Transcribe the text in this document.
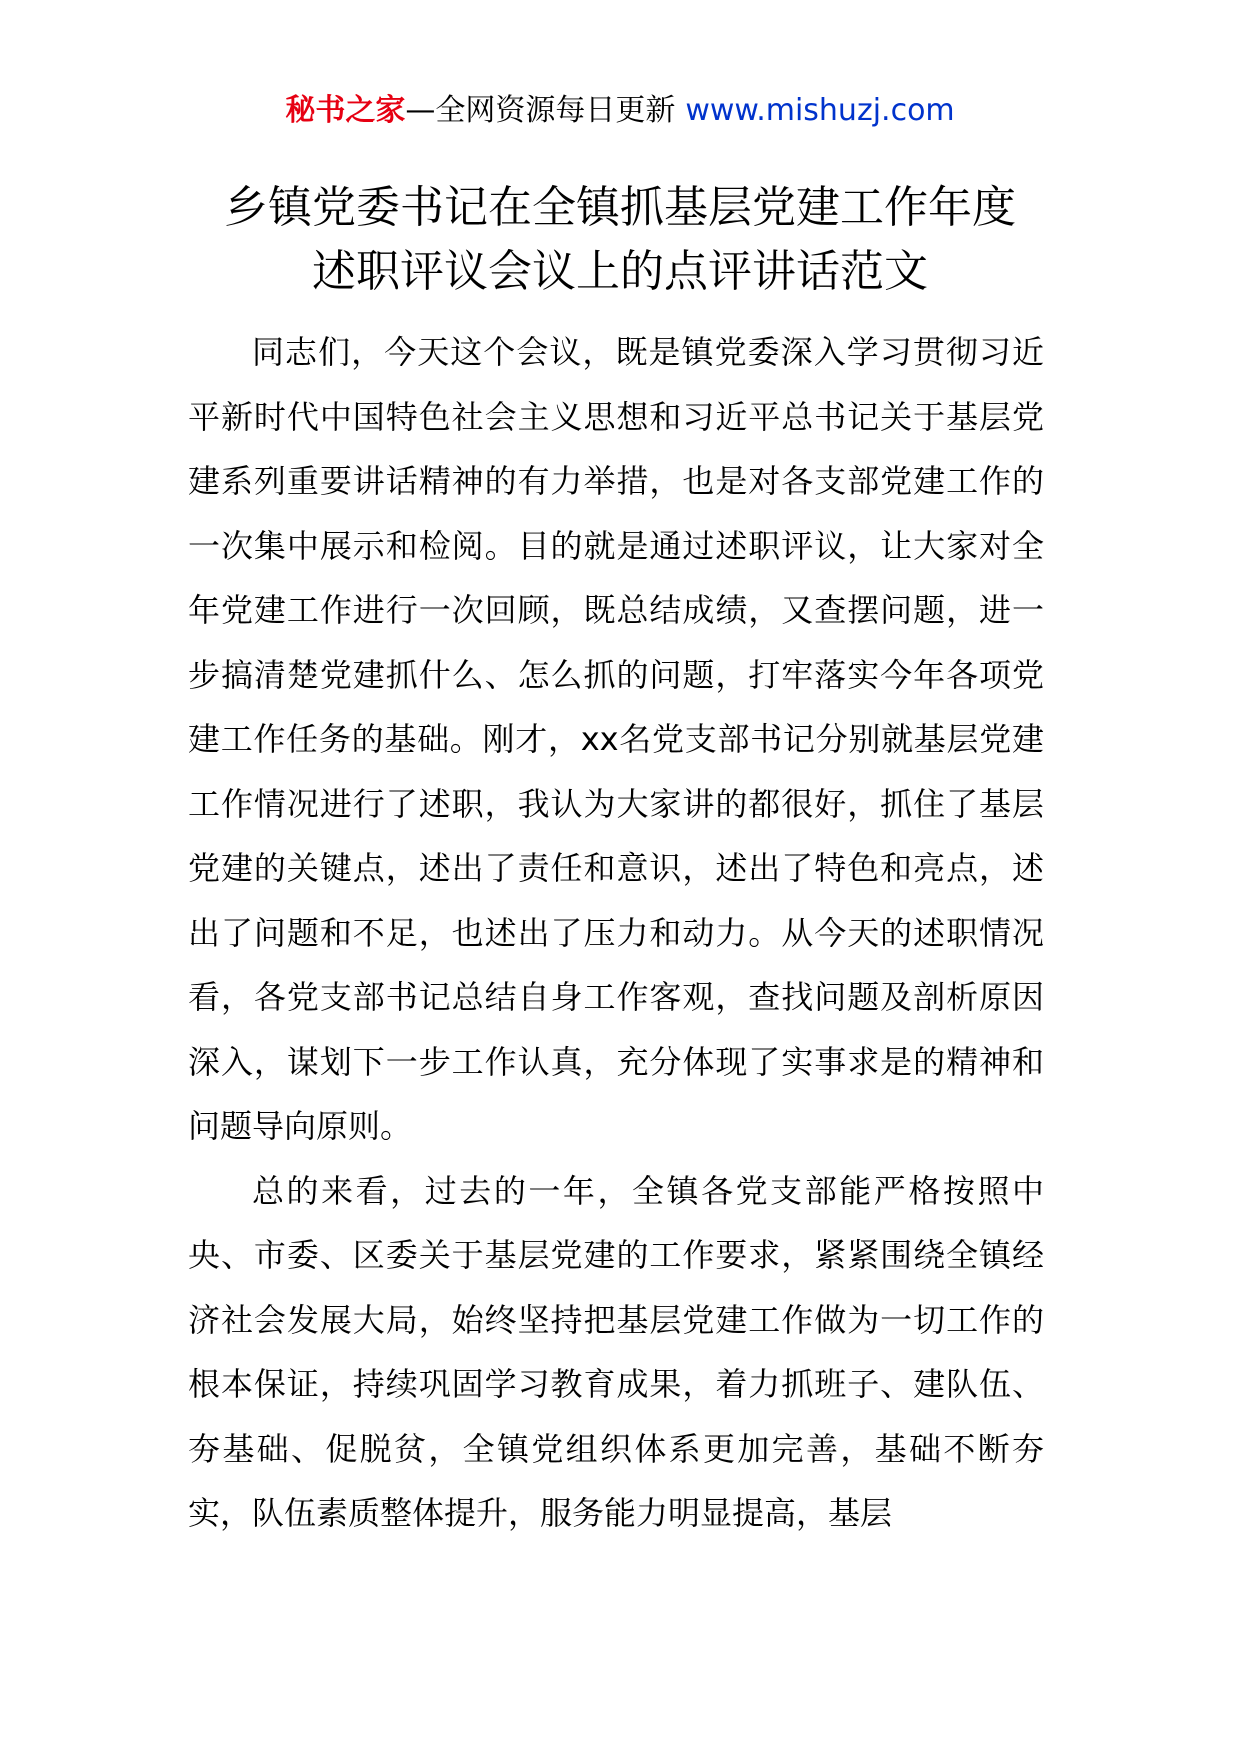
秘书之家—全网资源每日更新 www.mishuzj.com
乡镇党委书记在全镇抓基层党建工作年度
述职评议会议上的点评讲话范文

同志们，今天这个会议，既是镇党委深入学习贯彻习近平新时代中国特色社会主义思想和习近平总书记关于基层党建系列重要讲话精神的有力举措，也是对各支部党建工作的一次集中展示和检阅。目的就是通过述职评议，让大家对全年党建工作进行一次回顾，既总结成绩，又查摆问题，进一步搞清楚党建抓什么、怎么抓的问题，打牢落实今年各项党建工作任务的基础。刚才，xx名党支部书记分别就基层党建工作情况进行了述职，我认为大家讲的都很好，抓住了基层党建的关键点，述出了责任和意识，述出了特色和亮点，述出了问题和不足，也述出了压力和动力。从今天的述职情况看，各党支部书记总结自身工作客观，查找问题及剖析原因深入，谋划下一步工作认真，充分体现了实事求是的精神和问题导向原则。

总的来看，过去的一年，全镇各党支部能严格按照中央、市委、区委关于基层党建的工作要求，紧紧围绕全镇经济社会发展大局，始终坚持把基层党建工作做为一切工作的根本保证，持续巩固学习教育成果，着力抓班子、建队伍、夯基础、促脱贫，全镇党组织体系更加完善，基础不断夯实，队伍素质整体提升，服务能力明显提高，基层
